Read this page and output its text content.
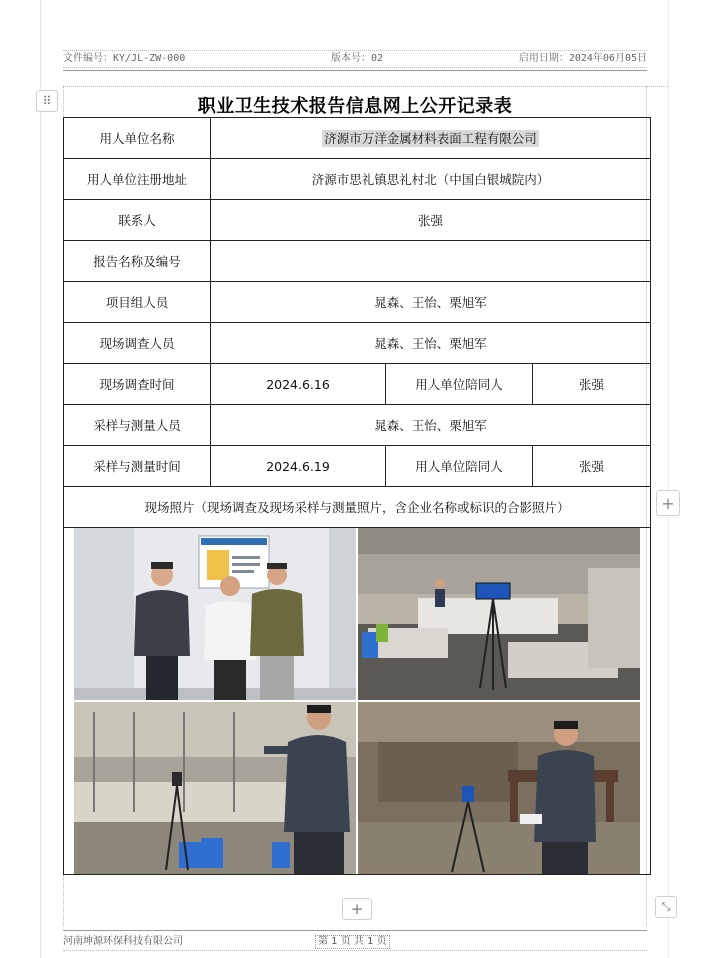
文件编号：KY/JL-ZW-000	版本号：02	启用日期：2024年06月05日
⠿	职业卫生技术报告信息网上公开记录表
用人单位名称	济源市万洋金属材料表面工程有限公司		
用人单位注册地址	济源市思礼镇思礼村北（中国白银城院内）		
联系人	张强		
报告名称及编号			
项目组人员	晁森、王怡、栗旭军		
现场调查人员	晁森、王怡、栗旭军		
现场调查时间	2024.6.16	用人单位陪同人	张强
采样与测量人员	晁森、王怡、栗旭军		
采样与测量时间	2024.6.19	用人单位陪同人	张强
现场照片（现场调查及现场采样与测量照片，含企业名称或标识的合影照片）				+
+	⤡
河南坤源环保科技有限公司	第 1 页 共 1 页
